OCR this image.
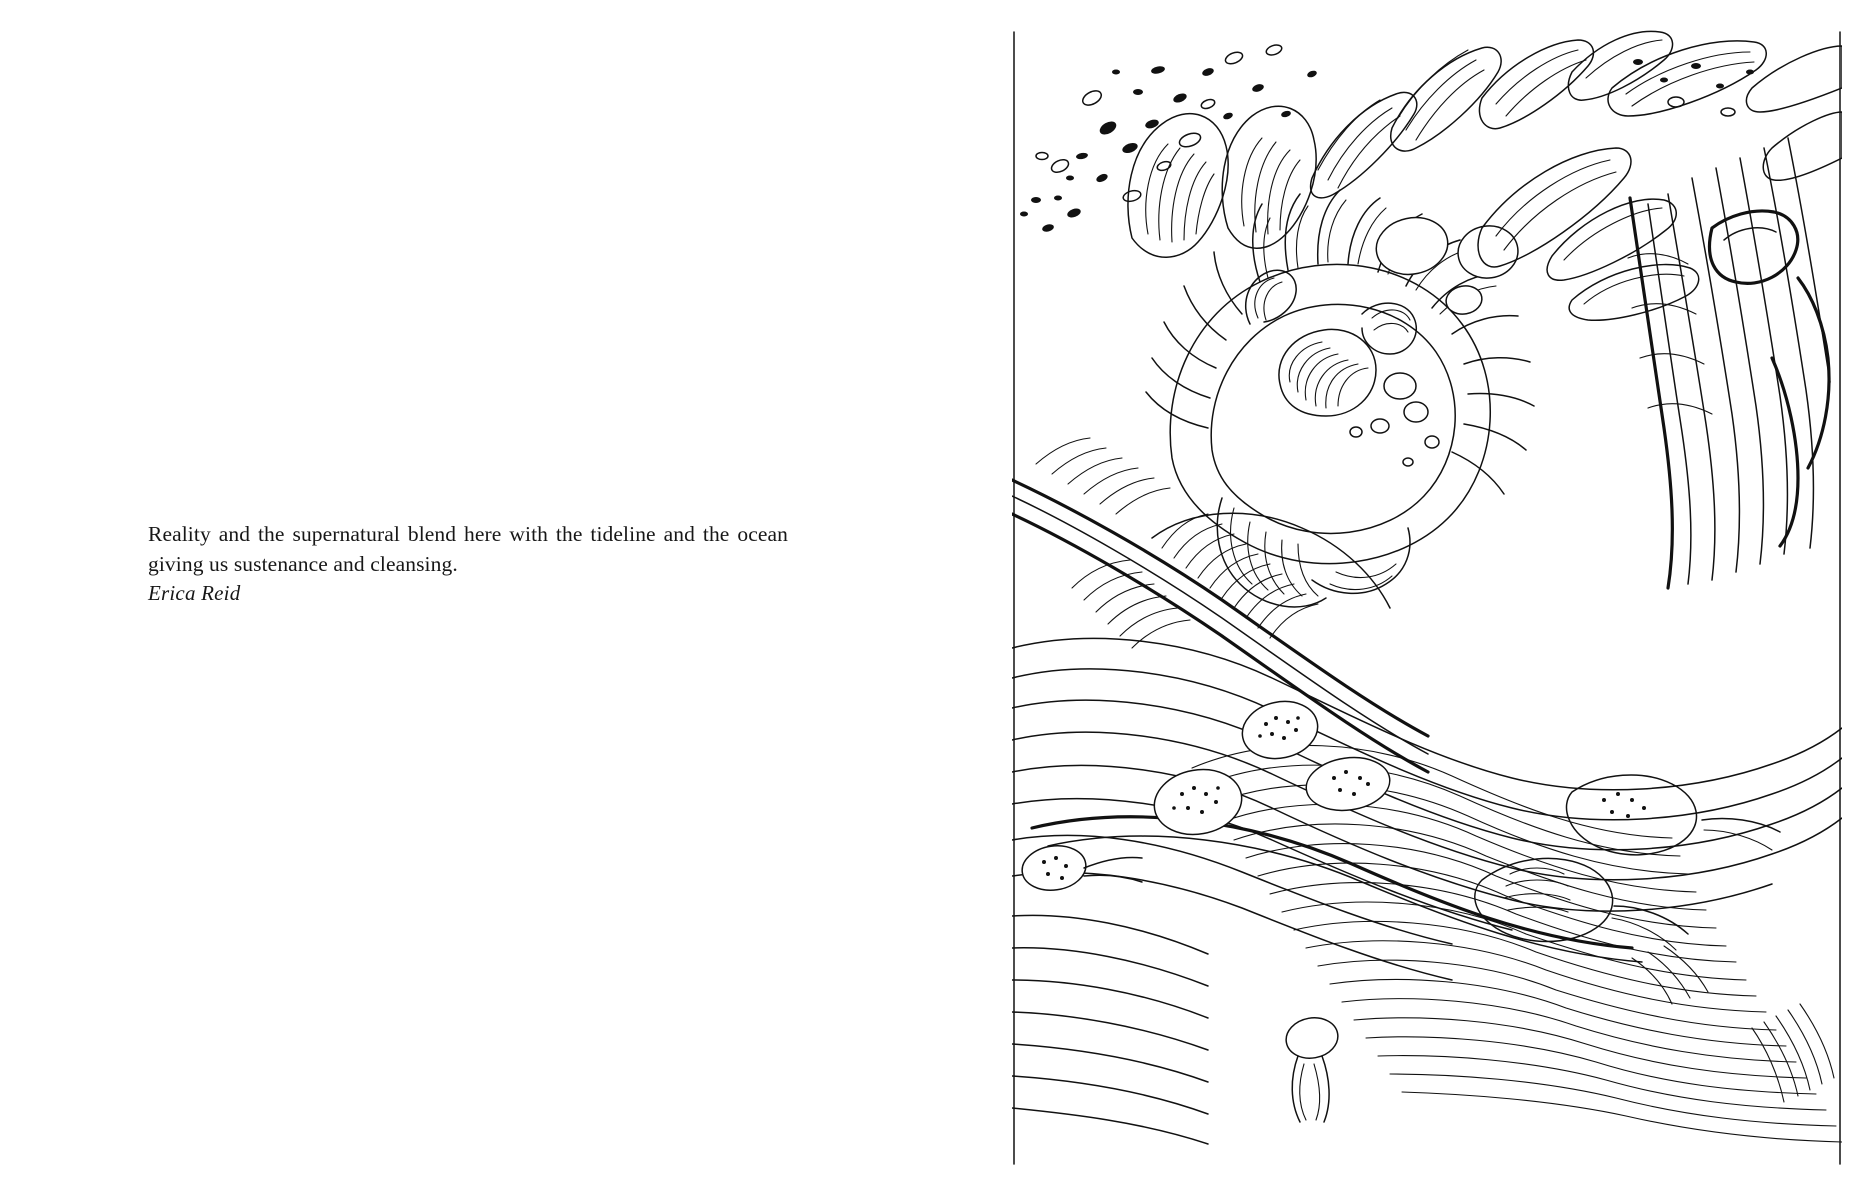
Reality and the supernatural blend here with the tideline and the ocean giving us sustenance and cleansing.

Erica Reid
